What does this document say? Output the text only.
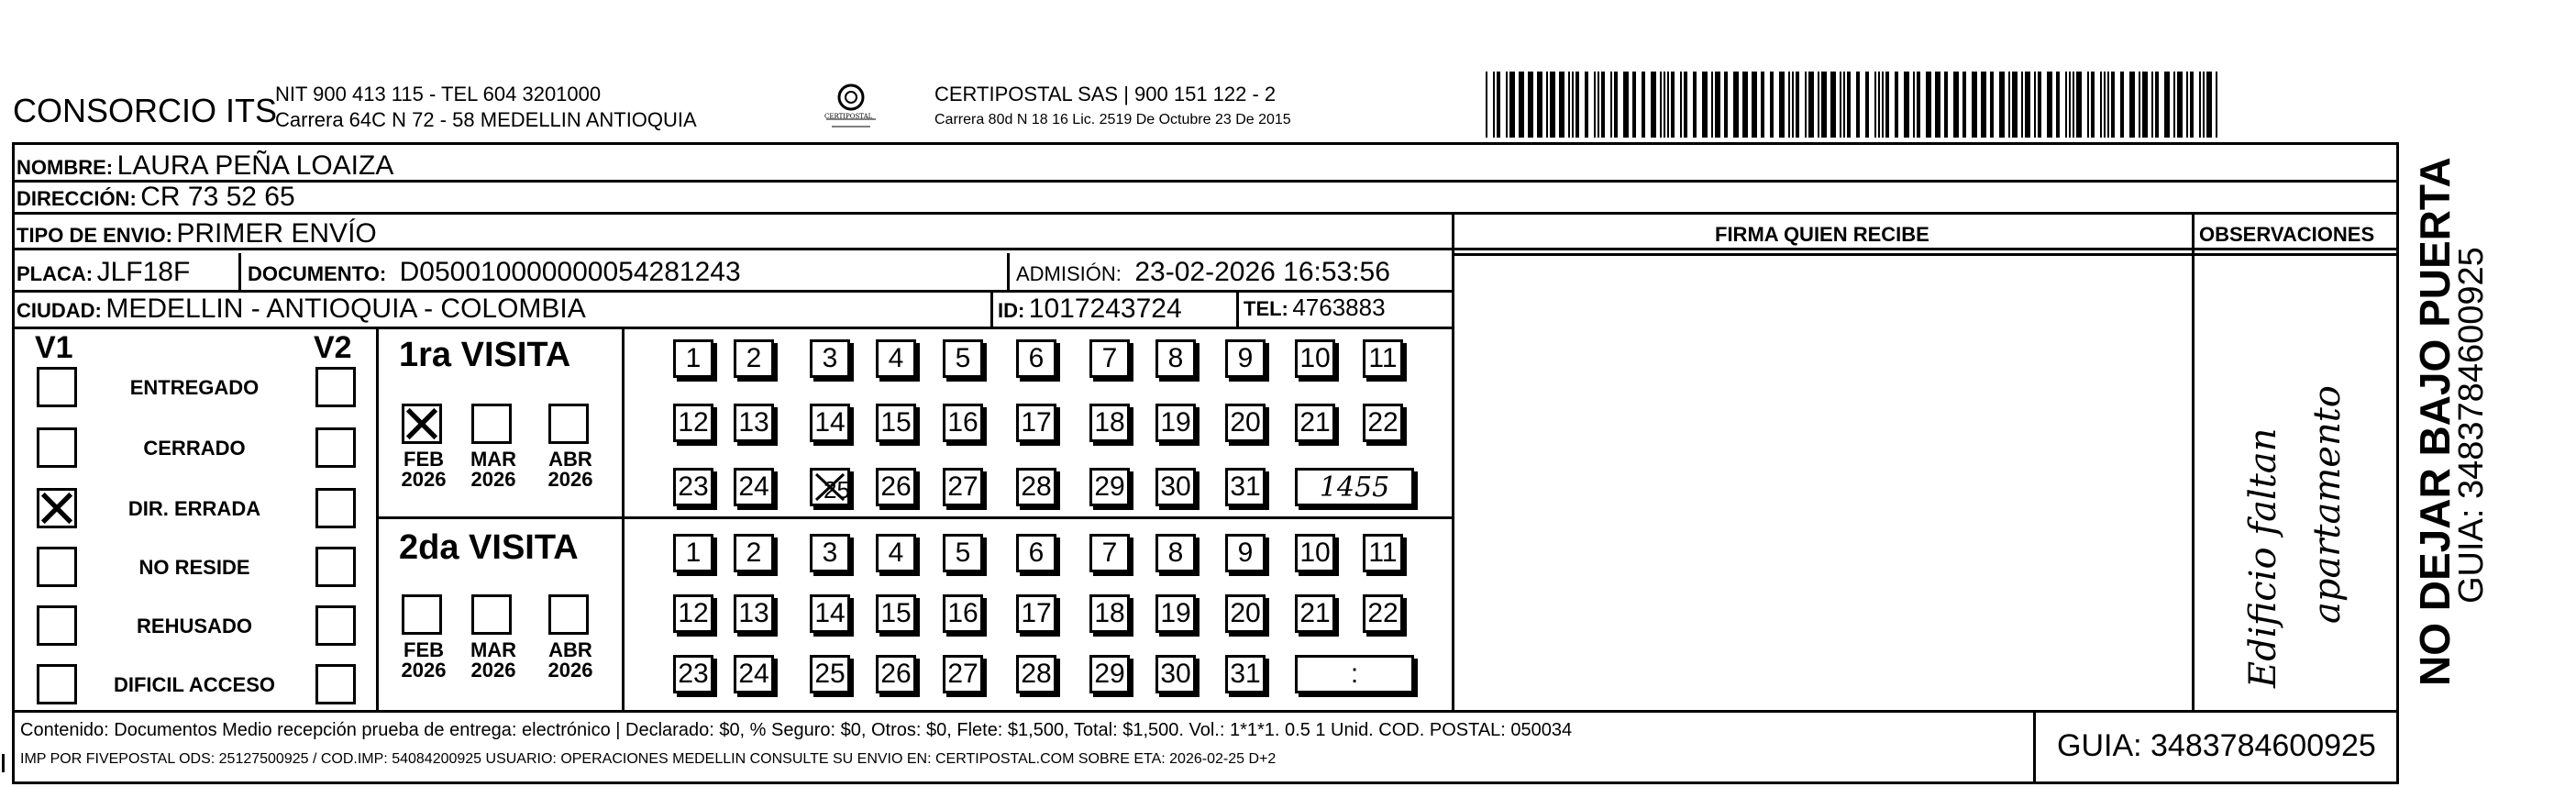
CONSORCIO ITS
NIT 900 413 115 - TEL 604 3201000
Carrera 64C N 72 - 58 MEDELLIN ANTIOQUIA	CERTIPOSTAL
CERTIPOSTAL SAS | 900 151 122 - 2
Carrera 80d N 18 16 Lic. 2519 De Octubre 23 De 2015
NOMBRE: LAURA PEÑA LOAIZA
DIRECCIÓN: CR 73 52 65
TIPO DE ENVIO: PRIMER ENVÍO
PLACA: JLF18F	DOCUMENTO: D050010000000054281243	ADMISIÓN: 23-02-2026 16:53:56
CIUDAD: MEDELLIN - ANTIOQUIA - COLOMBIA	ID: 1017243724	TEL: 4763883
FIRMA QUIEN RECIBE	OBSERVACIONES
Edificio faltan apartamento
V1	V2
ENTREGADO
CERRADO
DIR. ERRADA
NO RESIDE
REHUSADO
DIFICIL ACCESO
1ra VISITA
FEB
2026
MAR
2026
ABR
2026
1	2	3	4	5	6	7	8	9	10 11
12 13 14 15 16 17 18 19 20 21 22
23 24 25 26 27 28 29 30 31	1455
2da VISITA
FEB
2026
MAR
2026
ABR
2026
1	2	3	4	5	6	7	8	9	10 11
12 13 14 15 16 17 18 19 20 21 22
23 24 25 26 27 28 29 30 31	:
Contenido: Documentos Medio recepción prueba de entrega: electrónico | Declarado: $0, % Seguro: $0, Otros: $0, Flete: $1,500, Total: $1,500. Vol.: 1*1*1. 0.5 1 Unid. COD. POSTAL: 050034
IMP POR FIVEPOSTAL ODS: 25127500925 / COD.IMP: 54084200925 USUARIO: OPERACIONES MEDELLIN CONSULTE SU ENVIO EN: CERTIPOSTAL.COM SOBRE ETA: 2026-02-25 D+2	GUIA: 3483784600925
NO DEJAR BAJO PUERTA
GUIA: 3483784600925
